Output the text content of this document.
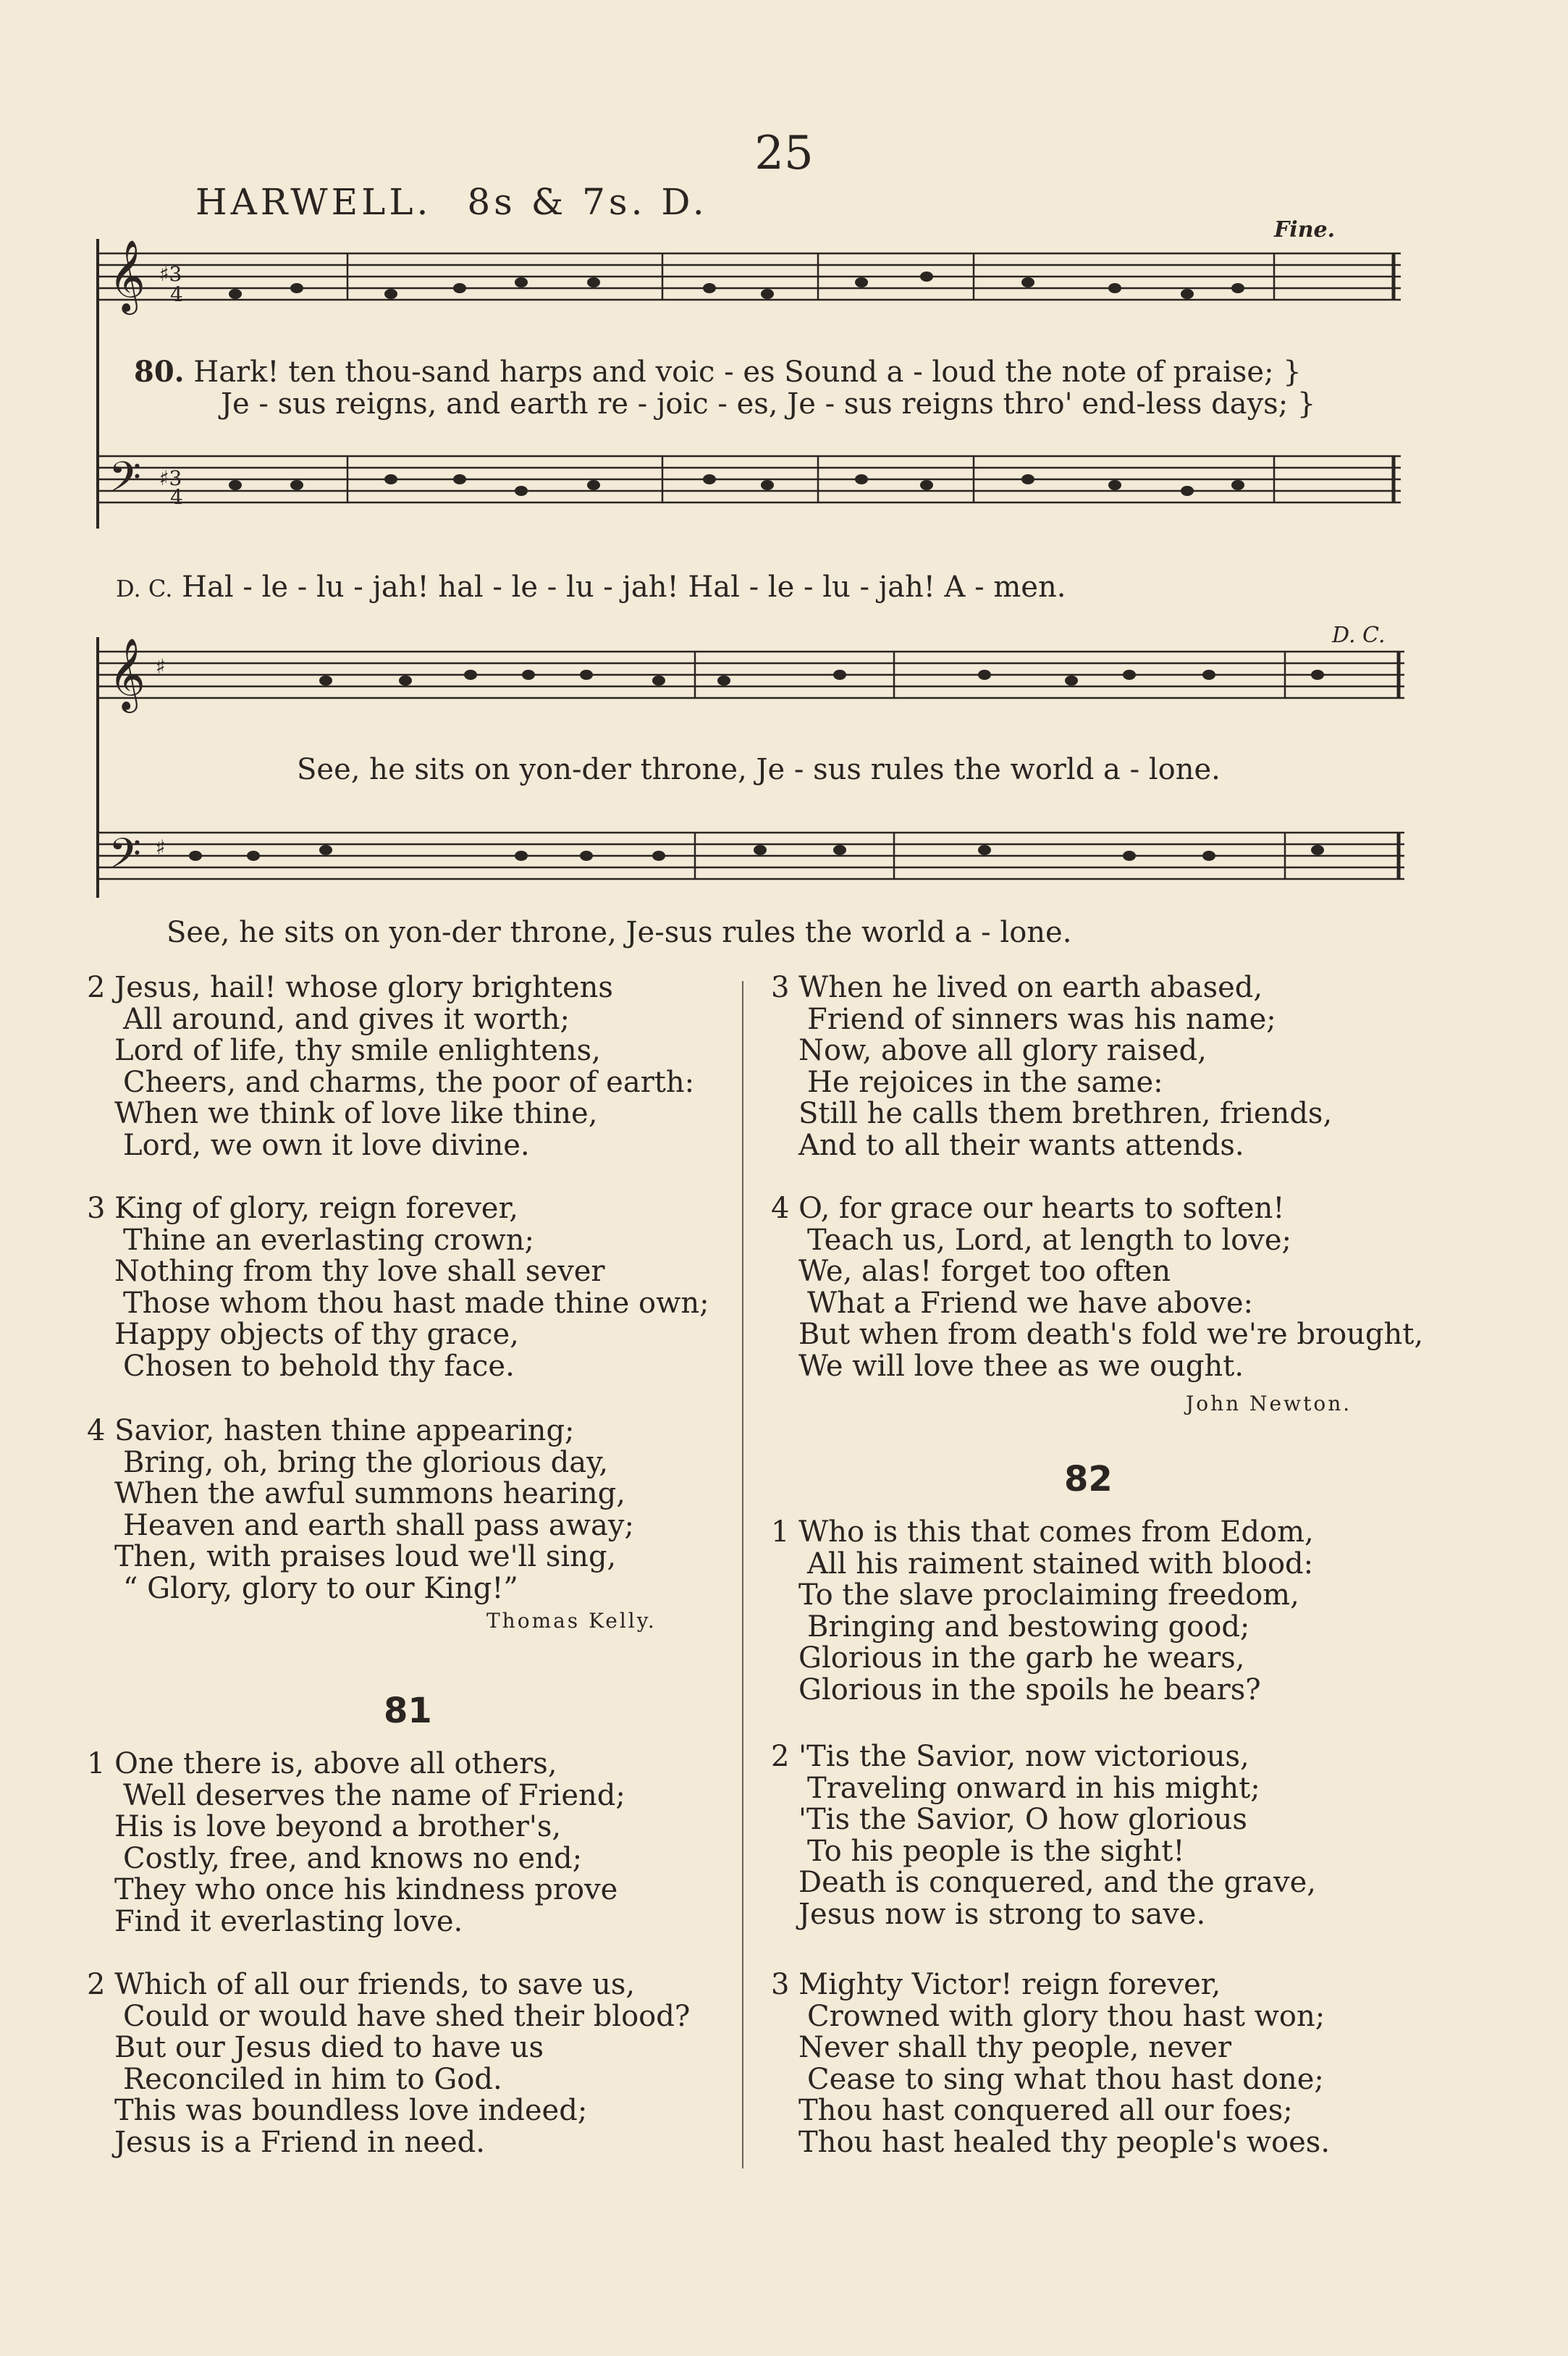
25
HARWELL. 8s & 7s. D.
Fine.
𝄞 ♯3
4
𝄢 ♯3
4
80. Hark! ten thou-sand harps and voic - es Sound a - loud the note of praise; }
Je - sus reigns, and earth re - joic - es, Je - sus reigns thro' end-less days; }
D. C. Hal - le - lu - jah! hal - le - lu - jah! Hal - le - lu - jah! A - men.
𝄞 ♯
𝄢 ♯
D. C.
See, he sits on yon-der throne, Je - sus rules the world a - lone.
See, he sits on yon-der throne, Je-sus rules the world a - lone.
2 Jesus, hail! whose glory brightens
All around, and gives it worth;
Lord of life, thy smile enlightens,
Cheers, and charms, the poor of earth:
When we think of love like thine,
Lord, we own it love divine.
3 King of glory, reign forever,
Thine an everlasting crown;
Nothing from thy love shall sever
Those whom thou hast made thine own;
Happy objects of thy grace,
Chosen to behold thy face.
4 Savior, hasten thine appearing;
Bring, oh, bring the glorious day,
When the awful summons hearing,
Heaven and earth shall pass away;
Then, with praises loud we'll sing,
“ Glory, glory to our King!”
Thomas Kelly.
81
1 One there is, above all others,
Well deserves the name of Friend;
His is love beyond a brother's,
Costly, free, and knows no end;
They who once his kindness prove
Find it everlasting love.
2 Which of all our friends, to save us,
Could or would have shed their blood?
But our Jesus died to have us
Reconciled in him to God.
This was boundless love indeed;
Jesus is a Friend in need.
3 When he lived on earth abased,
Friend of sinners was his name;
Now, above all glory raised,
He rejoices in the same:
Still he calls them brethren, friends,
And to all their wants attends.
4 O, for grace our hearts to soften!
Teach us, Lord, at length to love;
We, alas! forget too often
What a Friend we have above:
But when from death's fold we're brought,
We will love thee as we ought.
John Newton.
82
1 Who is this that comes from Edom,
All his raiment stained with blood:
To the slave proclaiming freedom,
Bringing and bestowing good;
Glorious in the garb he wears,
Glorious in the spoils he bears?
2 'Tis the Savior, now victorious,
Traveling onward in his might;
'Tis the Savior, O how glorious
To his people is the sight!
Death is conquered, and the grave,
Jesus now is strong to save.
3 Mighty Victor! reign forever,
Crowned with glory thou hast won;
Never shall thy people, never
Cease to sing what thou hast done;
Thou hast conquered all our foes;
Thou hast healed thy people's woes.
